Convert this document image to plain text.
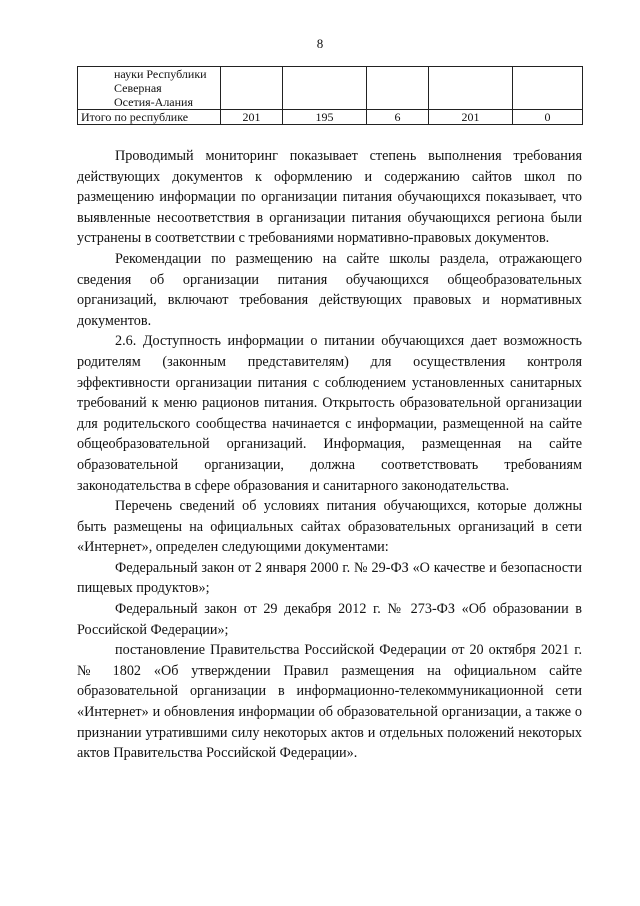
8
науки Республики
Северная
Осетия-Алания					

Итого по республике	201	195	6	201	0

Проводимый мониторинг показывает степень выполнения требования действующих документов к оформлению и содержанию сайтов школ по размещению информации по организации питания обучающихся показывает, что выявленные несоответствия в организации питания обучающихся региона были устранены в соответствии с требованиями нормативно-правовых документов.

Рекомендации по размещению на сайте школы раздела, отражающего сведения об организации питания обучающихся общеобразовательных организаций, включают требования действующих правовых и нормативных документов.

2.6. Доступность информации о питании обучающихся дает возможность родителям (законным представителям) для осуществления контроля эффективности организации питания с соблюдением установленных санитарных требований к меню рационов питания. Открытость образовательной организации для родительского сообщества начинается с информации, размещенной на сайте общеобразовательной организаций. Информация, размещенная на сайте образовательной организации, должна соответствовать требованиям законодательства в сфере образования и санитарного законодательства.

Перечень сведений об условиях питания обучающихся, которые должны быть размещены на официальных сайтах образовательных организаций в сети «Интернет», определен следующими документами:

Федеральный закон от 2 января 2000 г. № 29-ФЗ «О качестве и безопасности пищевых продуктов»;

Федеральный закон от 29 декабря 2012 г. № 273-ФЗ «Об образовании в Российской Федерации»;

постановление Правительства Российской Федерации от 20 октября 2021 г. № 1802 «Об утверждении Правил размещения на официальном сайте образовательной организации в информационно-телекоммуникационной сети «Интернет» и обновления информации об образовательной организации, а также о признании утратившими силу некоторых актов и отдельных положений некоторых актов Правительства Российской Федерации».
